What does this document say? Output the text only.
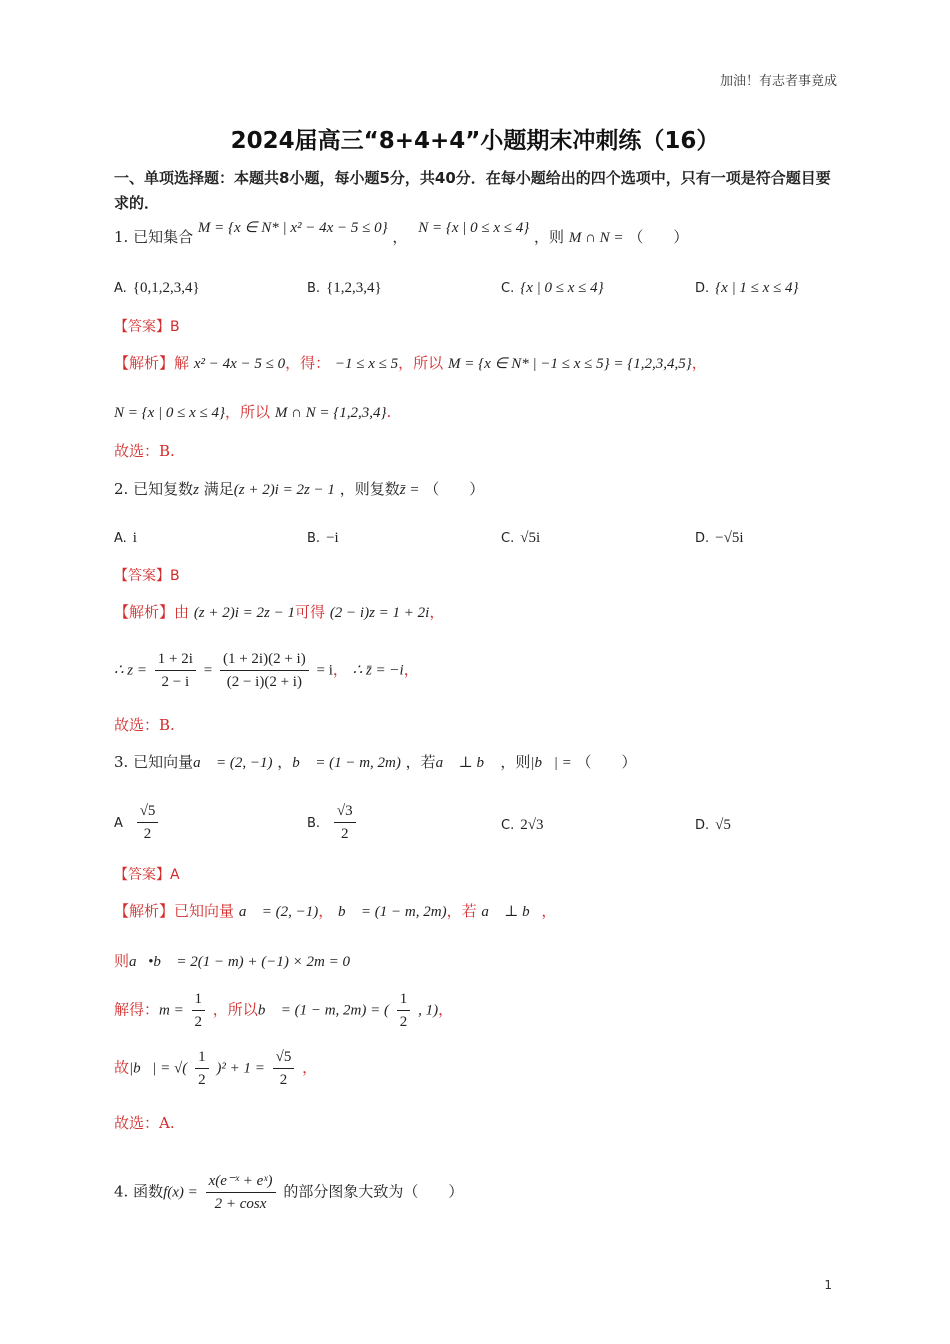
加油！有志者事竟成
2024届高三“8+4+4”小题期末冲刺练（16）
一、单项选择题：本题共8小题，每小题5分，共40分．在每小题给出的四个选项中，只有一项是符合题目要求的．
1. 已知集合 M = {x ∈ N* | x² − 4x − 5 ≤ 0} ， N = {x | 0 ≤ x ≤ 4} ，则 M ∩ N = （　　）
A. {0,1,2,3,4}	B. {1,2,3,4}	C. {x | 0 ≤ x ≤ 4}	D. {x | 1 ≤ x ≤ 4}
【答案】B
【解析】解 x² − 4x − 5 ≤ 0，得： −1 ≤ x ≤ 5，所以 M = {x ∈ N* | −1 ≤ x ≤ 5} = {1,2,3,4,5}，
N = {x | 0 ≤ x ≤ 4}，所以 M ∩ N = {1,2,3,4}.
故选：B.
2. 已知复数z 满足(z + 2)i = 2z − 1 ，则复数z̄ = （　　）
A. i	B. −i	C. √5i	D. −√5i
【答案】B
【解析】由 (z + 2)i = 2z − 1可得 (2 − i)z = 1 + 2i，
∴ $z = \frac{1 + 2i}{2 - i} = \frac{(1 + 2i)(2 + i)}{(2 - i)(2 + i)} = i$， ∴ z̄ = −i，
故选：B.
3. 已知向量a⃗ = (2, −1) ，b⃗ = (1 − m, 2m) ，若a⃗ ⊥ b⃗ ，则|b⃗| = （　　）
A $\frac{√5}{2}$	B. $\frac{√3}{2}$	C. 2√3	D. √5
【答案】A
【解析】已知向量 a⃗ = (2, −1)， b⃗ = (1 − m, 2m)，若 a⃗ ⊥ b⃗，
则a⃗•b⃗ = 2(1 − m) + (−1) × 2m = 0
解得：$m = \frac{1}{2}$ ，所以b⃗ = (1 − m, 2m) = ( $\frac{1}{2}$ , 1)，
故|b⃗| = √( $\frac{1}{2} )^2 + 1 = \frac{√5}{2}$ ，
故选：A.
4. 函数$f(x) = \frac{\text{x(e⁻ˣ + eˣ)}}{2 + \cos x}$ 的部分图象大致为（　　）
1
